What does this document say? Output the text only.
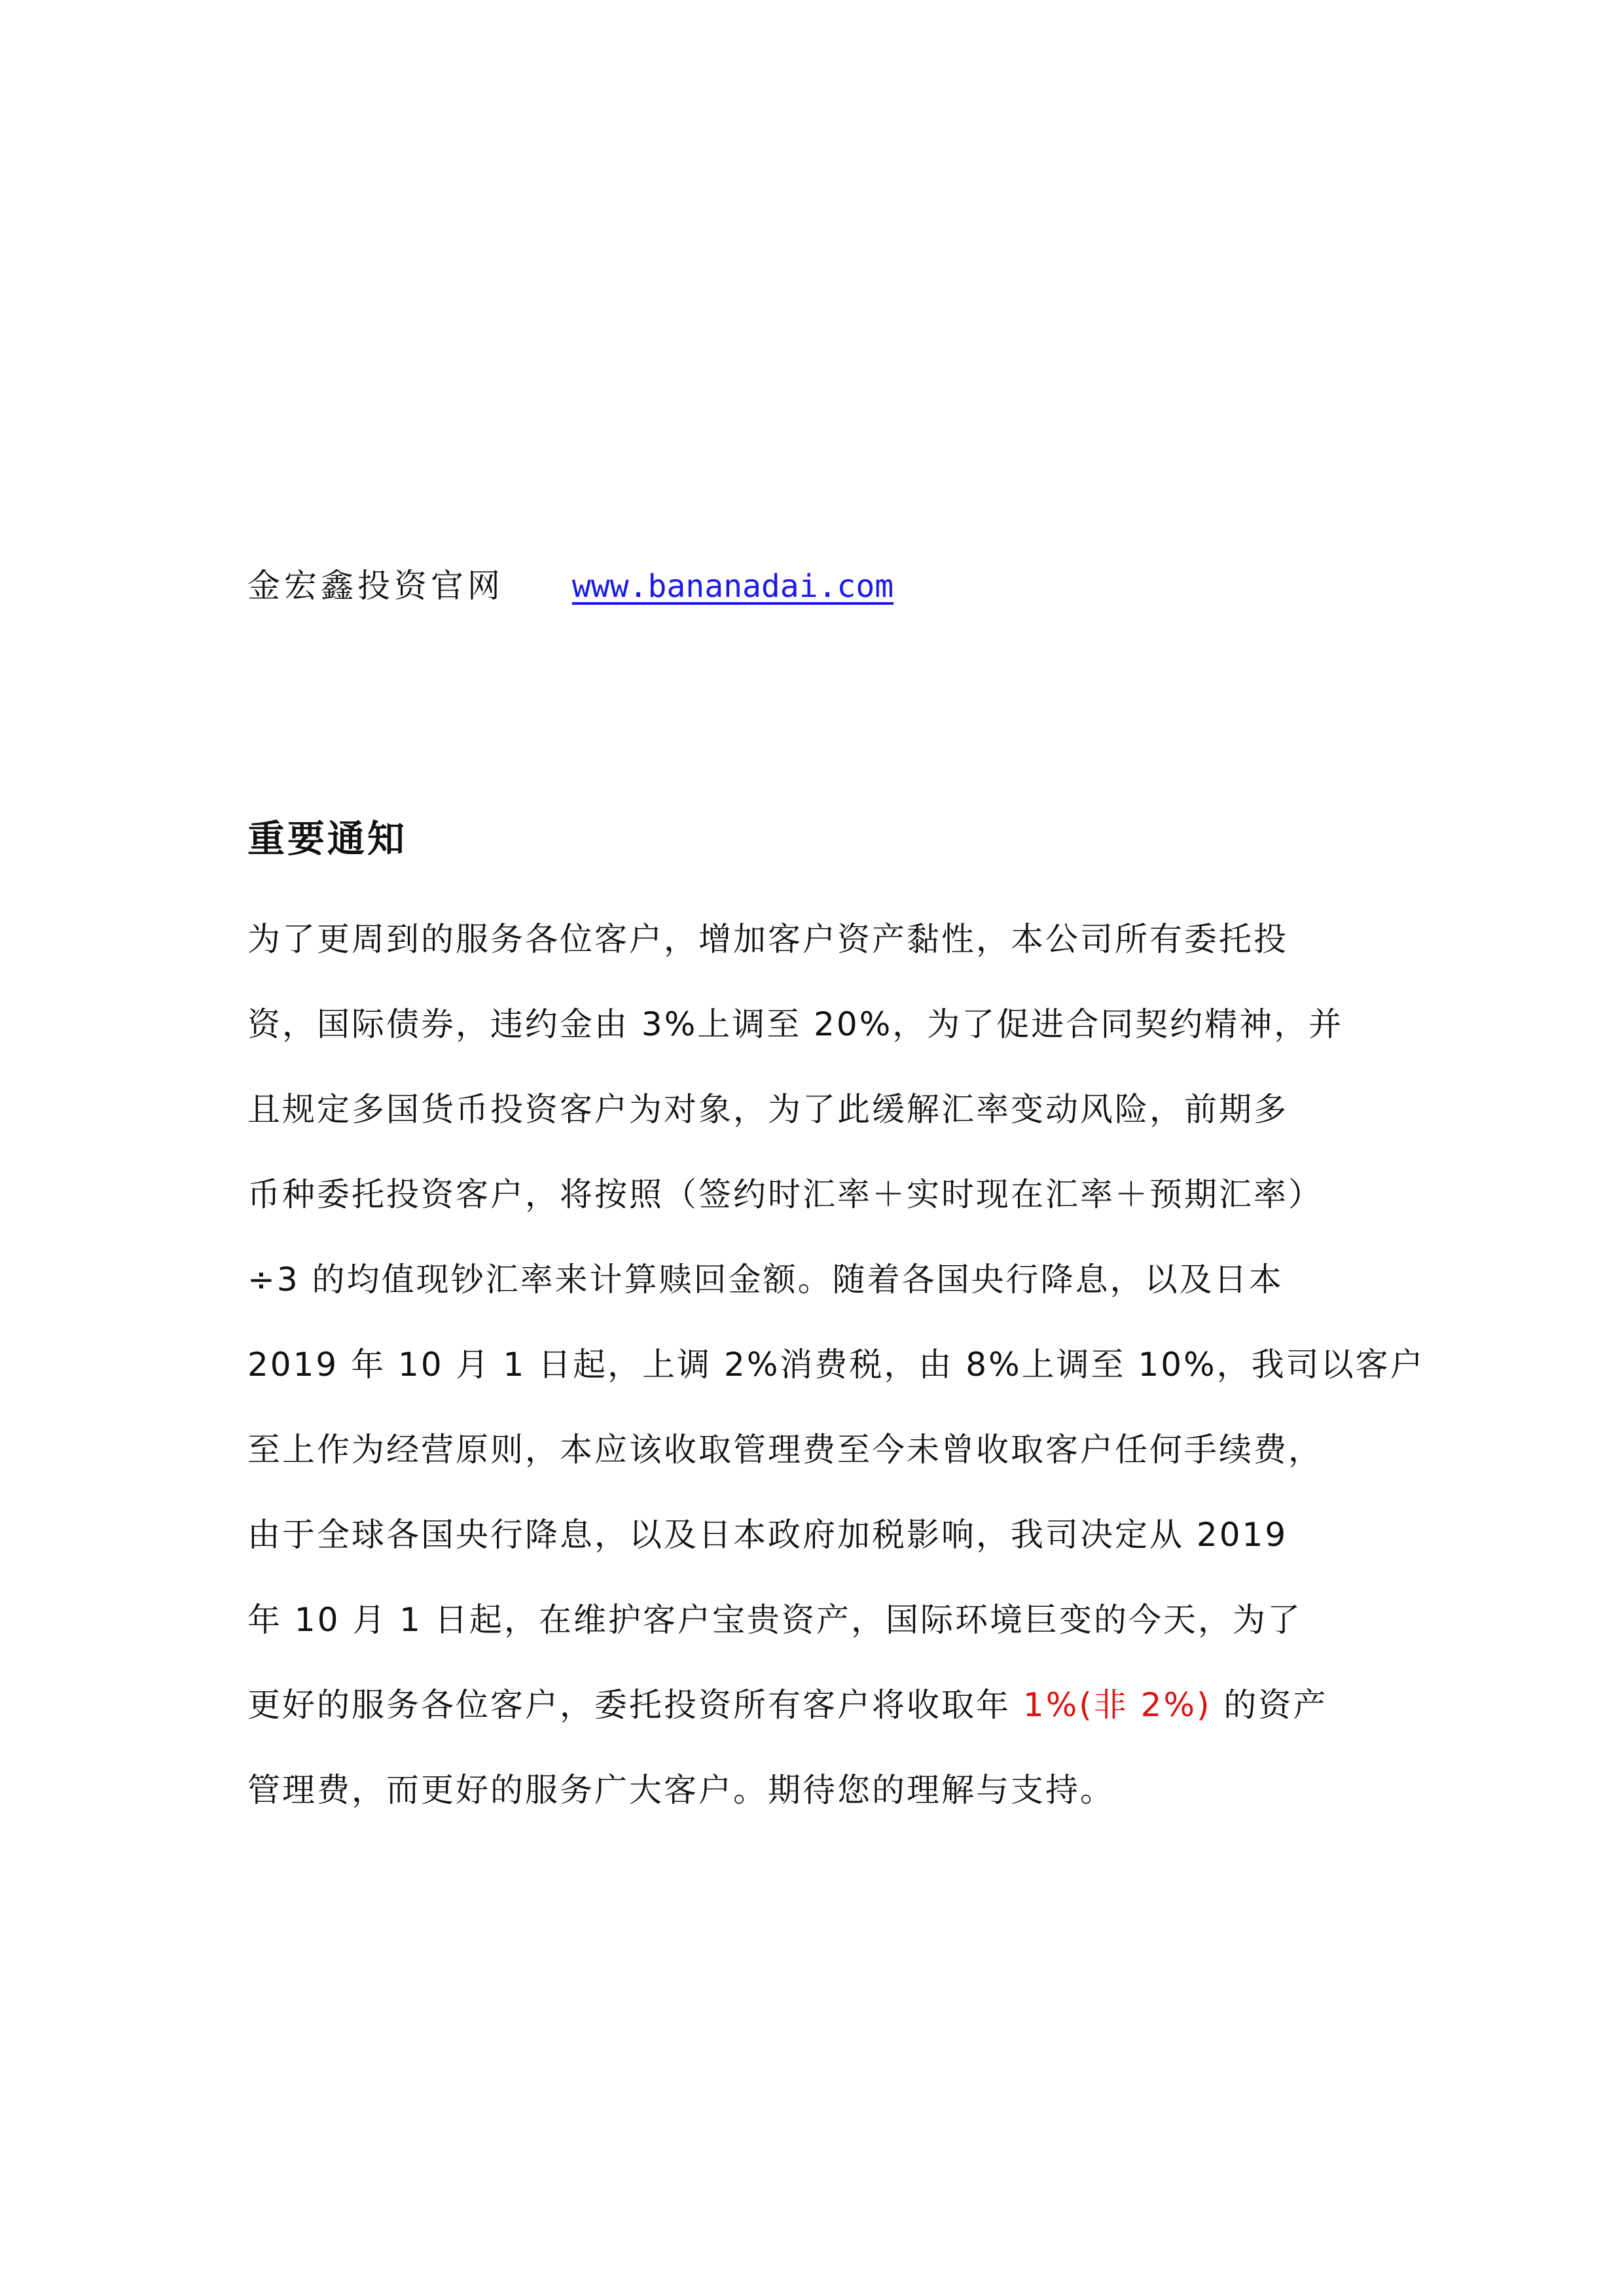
金宏鑫投资官网 www.bananadai.com
重要通知
为了更周到的服务各位客户，增加客户资产黏性，本公司所有委托投
资，国际债券，违约金由 3%上调至 20%，为了促进合同契约精神，并
且规定多国货币投资客户为对象，为了此缓解汇率变动风险，前期多
币种委托投资客户，将按照（签约时汇率＋实时现在汇率＋预期汇率）
÷3 的均值现钞汇率来计算赎回金额。随着各国央行降息，以及日本
2019 年 10 月 1 日起，上调 2%消费税，由 8%上调至 10%，我司以客户
至上作为经营原则，本应该收取管理费至今未曾收取客户任何手续费，
由于全球各国央行降息，以及日本政府加税影响，我司决定从 2019
年 10 月 1 日起，在维护客户宝贵资产，国际环境巨变的今天，为了
更好的服务各位客户，委托投资所有客户将收取年 1%(非 2%) 的资产
管理费，而更好的服务广大客户。期待您的理解与支持。
